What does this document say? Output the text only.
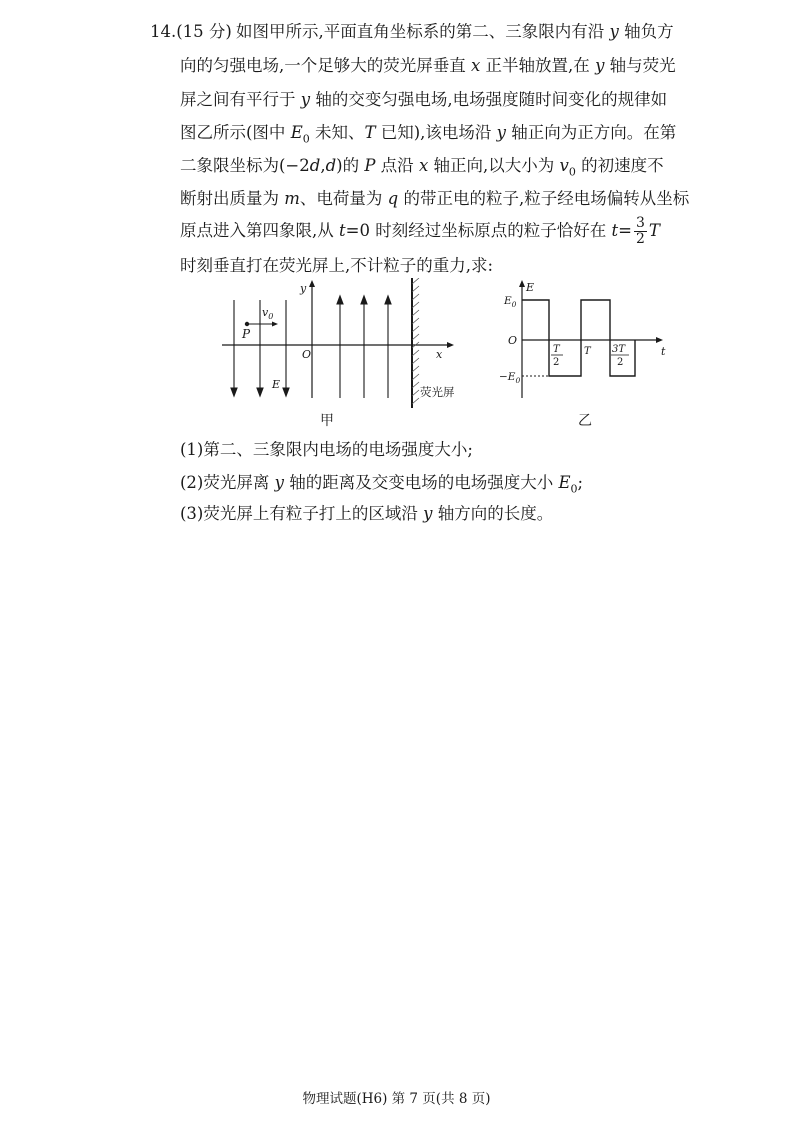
14.(15 分) 如图甲所示,平面直角坐标系的第二、三象限内有沿 y 轴负方
向的匀强电场,一个足够大的荧光屏垂直 x 正半轴放置,在 y 轴与荧光
屏之间有平行于 y 轴的交变匀强电场,电场强度随时间变化的规律如
图乙所示(图中 $E_0$ 未知、T 已知),该电场沿 y 轴正向为正方向。在第
二象限坐标为(−2d,d)的 P 点沿 x 轴正向,以大小为 $v_0$ 的初速度不
断射出质量为 m、电荷量为 q 的带正电的粒子,粒子经电场偏转从坐标
原点进入第四象限,从 t=0 时刻经过坐标原点的粒子恰好在 $t= \frac{3}{2}$ T
时刻垂直打在荧光屏上,不计粒子的重力,求:
P
$v_0$
y
x
O
E
荧光屏
甲
E
t
O
$E_0$
$-E_0$
T
2
T 3T
2
乙
(1)第二、三象限内电场的电场强度大小;
(2)荧光屏离 y 轴的距离及交变电场的电场强度大小 $E_0$;
(3)荧光屏上有粒子打上的区域沿 y 轴方向的长度。
物理试题(H6) 第 7 页(共 8 页)
